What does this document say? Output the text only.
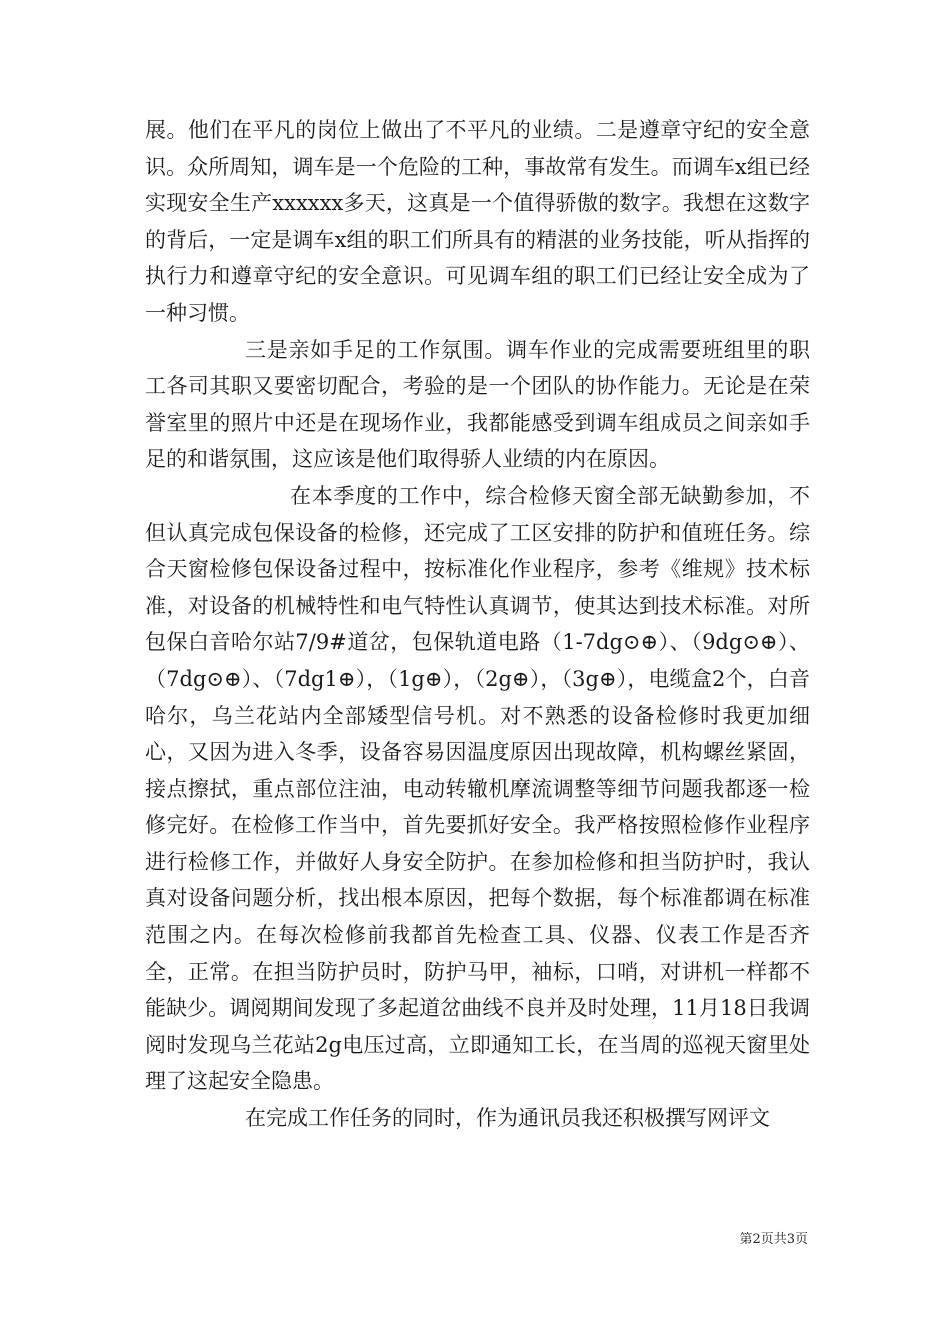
展。他们在平凡的岗位上做出了不平凡的业绩。二是遵章守纪的安全意识。众所周知，调车是一个危险的工种，事故常有发生。而调车x组已经实现安全生产xxxxxx多天，这真是一个值得骄傲的数字。我想在这数字的背后，一定是调车x组的职工们所具有的精湛的业务技能，听从指挥的执行力和遵章守纪的安全意识。可见调车组的职工们已经让安全成为了一种习惯。

三是亲如手足的工作氛围。调车作业的完成需要班组里的职工各司其职又要密切配合，考验的是一个团队的协作能力。无论是在荣誉室里的照片中还是在现场作业，我都能感受到调车组成员之间亲如手足的和谐氛围，这应该是他们取得骄人业绩的内在原因。

在本季度的工作中，综合检修天窗全部无缺勤参加，不但认真完成包保设备的检修，还完成了工区安排的防护和值班任务。综合天窗检修包保设备过程中，按标准化作业程序，参考《维规》技术标准，对设备的机械特性和电气特性认真调节，使其达到技术标准。对所包保白音哈尔站7/9#道岔，包保轨道电路（1-7dg⊙⊕）、（9dg⊙⊕）、（7dg⊙⊕）、（7dg1⊕），（1g⊕），（2g⊕），（3g⊕），电缆盒2个，白音哈尔，乌兰花站内全部矮型信号机。对不熟悉的设备检修时我更加细心，又因为进入冬季，设备容易因温度原因出现故障，机构螺丝紧固，接点擦拭，重点部位注油，电动转辙机摩流调整等细节问题我都逐一检修完好。在检修工作当中，首先要抓好安全。我严格按照检修作业程序进行检修工作，并做好人身安全防护。在参加检修和担当防护时，我认真对设备问题分析，找出根本原因，把每个数据，每个标准都调在标准范围之内。在每次检修前我都首先检查工具、仪器、仪表工作是否齐全，正常。在担当防护员时，防护马甲，袖标，口哨，对讲机一样都不能缺少。调阅期间发现了多起道岔曲线不良并及时处理，11月18日我调阅时发现乌兰花站2g电压过高，立即通知工长，在当周的巡视天窗里处理了这起安全隐患。

在完成工作任务的同时，作为通讯员我还积极撰写网评文

第2页共3页
